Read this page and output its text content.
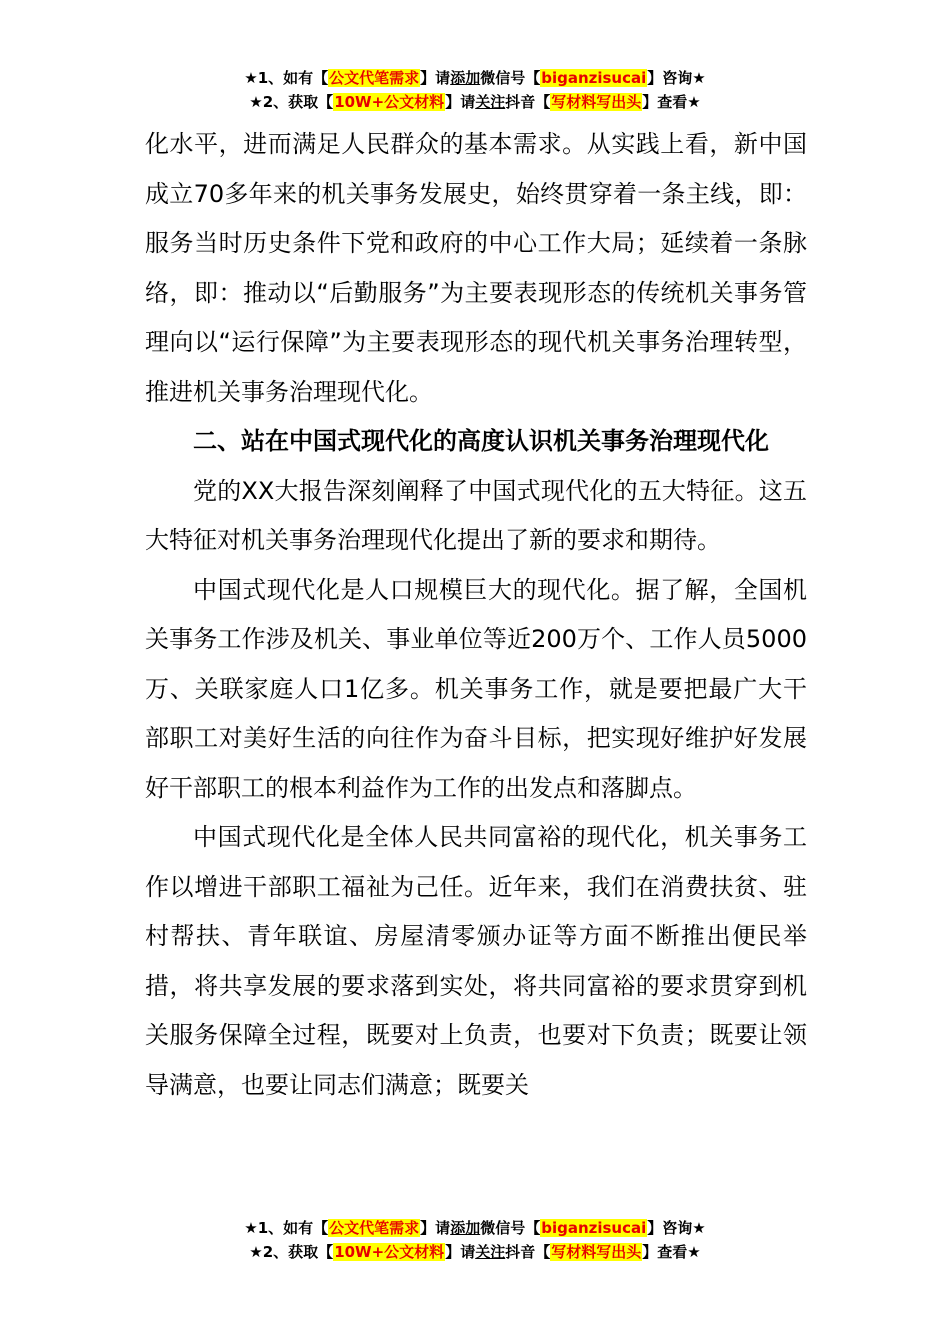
★1、如有【公文代笔需求】请添加微信号【biganzisucai】咨询★
★2、获取【10W+公文材料】请关注抖音【写材料写出头】查看★

化水平，进而满足人民群众的基本需求。从实践上看，新中国成立70多年来的机关事务发展史，始终贯穿着一条主线，即：服务当时历史条件下党和政府的中心工作大局；延续着一条脉络，即：推动以“后勤服务”为主要表现形态的传统机关事务管理向以“运行保障”为主要表现形态的现代机关事务治理转型，推进机关事务治理现代化。

二、站在中国式现代化的高度认识机关事务治理现代化

党的XX大报告深刻阐释了中国式现代化的五大特征。这五大特征对机关事务治理现代化提出了新的要求和期待。

中国式现代化是人口规模巨大的现代化。据了解，全国机关事务工作涉及机关、事业单位等近200万个、工作人员5000万、关联家庭人口1亿多。机关事务工作，就是要把最广大干部职工对美好生活的向往作为奋斗目标，把实现好维护好发展好干部职工的根本利益作为工作的出发点和落脚点。

中国式现代化是全体人民共同富裕的现代化，机关事务工作以增进干部职工福祉为己任。近年来，我们在消费扶贫、驻村帮扶、青年联谊、房屋清零颁办证等方面不断推出便民举措，将共享发展的要求落到实处，将共同富裕的要求贯穿到机关服务保障全过程，既要对上负责，也要对下负责；既要让领导满意，也要让同志们满意；既要关

★1、如有【公文代笔需求】请添加微信号【biganzisucai】咨询★
★2、获取【10W+公文材料】请关注抖音【写材料写出头】查看★
